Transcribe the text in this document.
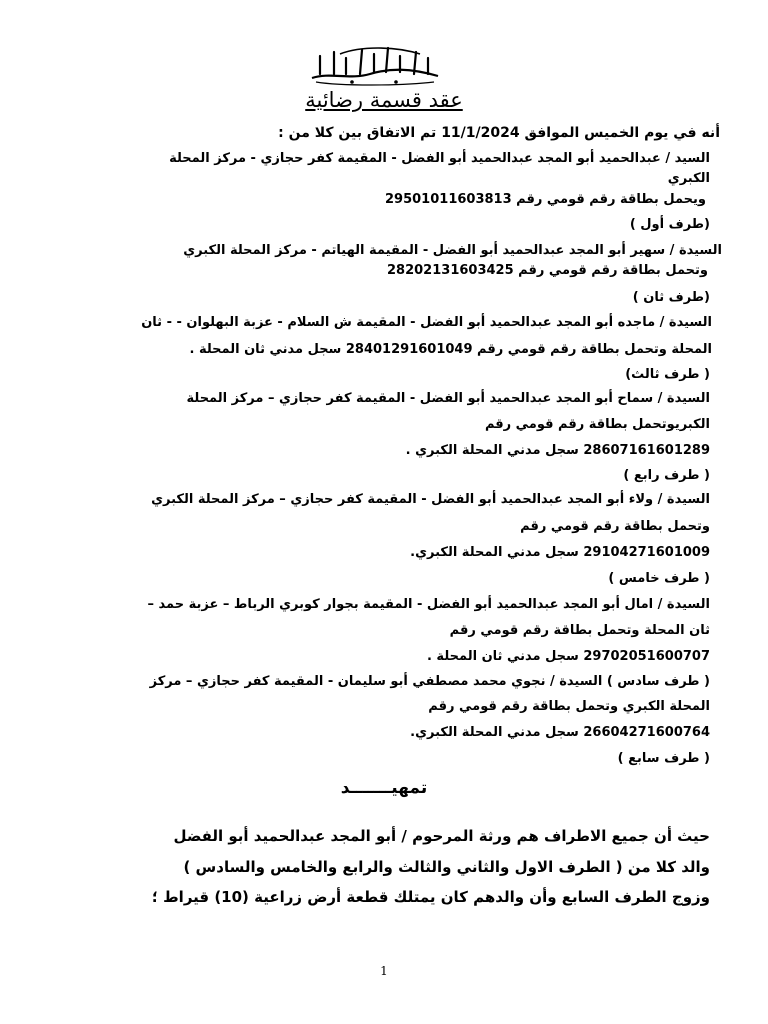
عقد قسمة رضائية
أنه في يوم الخميس الموافق 11/1/2024 تم الاتفاق بين كلا من :
السيد / عبدالحميد أبو المجد عبدالحميد أبو الفضل - المقيمة كفر حجازي - مركز المحلة
الكبري
ويحمل بطاقة رقم قومي رقم 29501011603813
(طرف أول )
السيدة / سهير أبو المجد عبدالحميد أبو الفضل - المقيمة الهياتم - مركز المحلة الكبري
وتحمل بطاقة رقم قومي رقم 28202131603425
(طرف ثان )
السيدة / ماجده أبو المجد عبدالحميد أبو الفضل - المقيمة ش السلام - عزبة البهلوان - - ثان
المحلة وتحمل بطاقة رقم قومي رقم 28401291601049 سجل مدني ثان المحلة .
( طرف ثالث)
السيدة / سماح أبو المجد عبدالحميد أبو الفضل - المقيمة كفر حجازي – مركز المحلة
الكبريوتحمل بطاقة رقم قومي رقم
28607161601289 سجل مدني المحلة الكبري .
( طرف رابع )
السيدة / ولاء أبو المجد عبدالحميد أبو الفضل - المقيمة كفر حجازي – مركز المحلة الكبري
وتحمل بطاقة رقم قومي رقم
29104271601009 سجل مدني المحلة الكبري.
( طرف خامس )
السيدة / امال أبو المجد عبدالحميد أبو الفضل - المقيمة بجوار كوبري الرباط – عزبة حمد –
ثان المحلة وتحمل بطاقة رقم قومي رقم
29702051600707 سجل مدني ثان المحلة .
( طرف سادس ) السيدة / نجوي محمد مصطفي أبو سليمان - المقيمة كفر حجازي – مركز
المحلة الكبري وتحمل بطاقة رقم قومي رقم
26604271600764 سجل مدني المحلة الكبري.
( طرف سابع )
تمهيـــــــد
حيث أن جميع الاطراف هم ورثة المرحوم / أبو المجد عبدالحميد أبو الفضل
والد كلا من ( الطرف الاول والثاني والثالث والرابع والخامس والسادس )
وزوج الطرف السابع وأن والدهم كان يمتلك قطعة أرض زراعية (10) قيراط ؛
1
